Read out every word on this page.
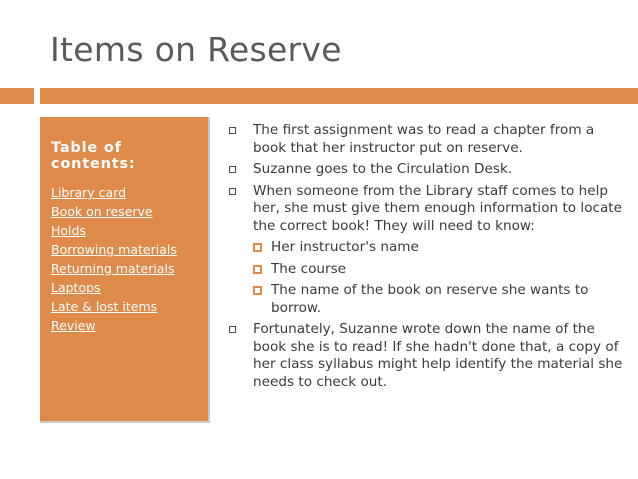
Items on Reserve
Table of contents:
Library card
Book on reserve
Holds
Borrowing materials
Returning materials
Laptops
Late & lost items
Review
The first assignment was to read a chapter from a book that her instructor put on reserve.
Suzanne goes to the Circulation Desk.
When someone from the Library staff comes to help her, she must give them enough information to locate the correct book! They will need to know:
Her instructor's name
The course
The name of the book on reserve she wants to borrow.
Fortunately, Suzanne wrote down the name of the book she is to read! If she hadn't done that, a copy of her class syllabus might help identify the material she needs to check out.
